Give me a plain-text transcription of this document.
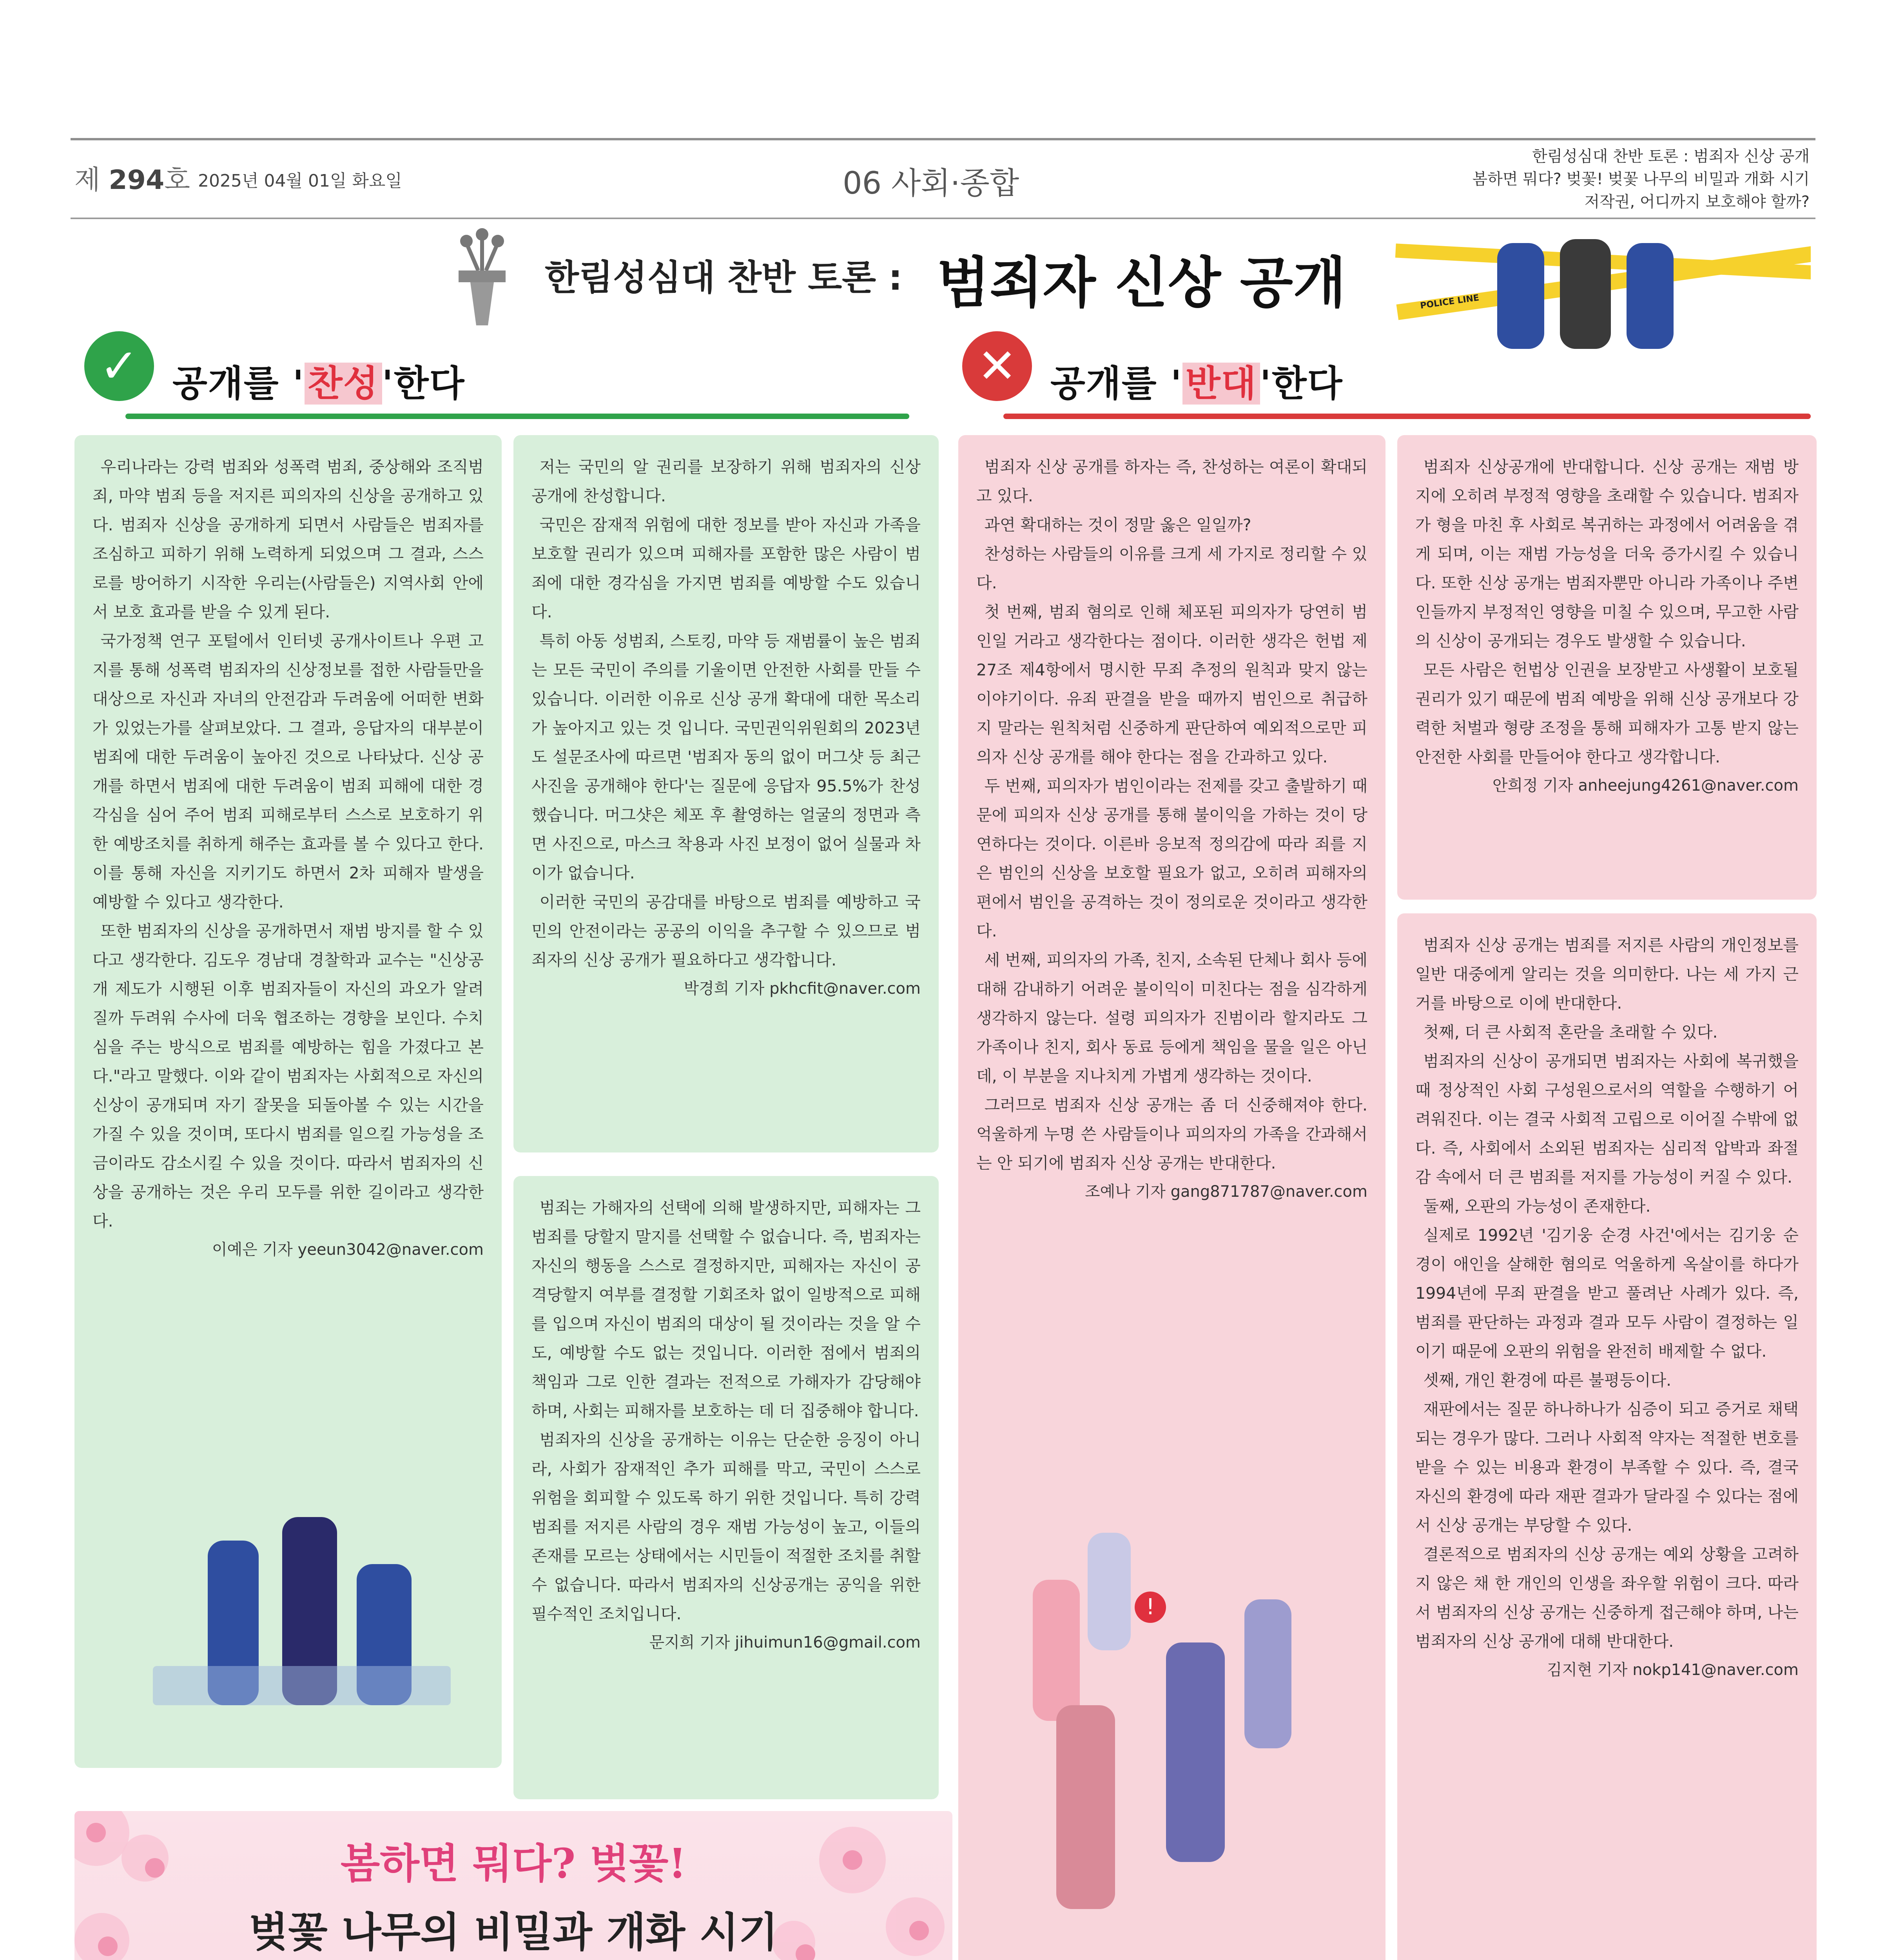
제 294호 2025년 04월 01일 화요일	06 사회·종합
한림성심대 찬반 토론 : 범죄자 신상 공개
봄하면 뭐다? 벚꽃! 벚꽃 나무의 비밀과 개화 시기
저작권, 어디까지 보호해야 할까?
한림성심대 찬반 토론 : 범죄자 신상 공개	POLICE LINE
✓ 공개를 '찬성'한다	✕ 공개를 '반대'한다

우리나라는 강력 범죄와 성폭력 범죄, 중상해와 조직범죄, 마약 범죄 등을 저지른 피의자의 신상을 공개하고 있다. 범죄자 신상을 공개하게 되면서 사람들은 범죄자를 조심하고 피하기 위해 노력하게 되었으며 그 결과, 스스로를 방어하기 시작한 우리는(사람들은) 지역사회 안에서 보호 효과를 받을 수 있게 된다.

국가정책 연구 포털에서 인터넷 공개사이트나 우편 고지를 통해 성폭력 범죄자의 신상정보를 접한 사람들만을 대상으로 자신과 자녀의 안전감과 두려움에 어떠한 변화가 있었는가를 살펴보았다. 그 결과, 응답자의 대부분이 범죄에 대한 두려움이 높아진 것으로 나타났다. 신상 공개를 하면서 범죄에 대한 두려움이 범죄 피해에 대한 경각심을 심어 주어 범죄 피해로부터 스스로 보호하기 위한 예방조치를 취하게 해주는 효과를 볼 수 있다고 한다. 이를 통해 자신을 지키기도 하면서 2차 피해자 발생을 예방할 수 있다고 생각한다.

또한 범죄자의 신상을 공개하면서 재범 방지를 할 수 있다고 생각한다. 김도우 경남대 경찰학과 교수는 "신상공개 제도가 시행된 이후 범죄자들이 자신의 과오가 알려질까 두려워 수사에 더욱 협조하는 경향을 보인다. 수치심을 주는 방식으로 범죄를 예방하는 힘을 가졌다고 본다."라고 말했다. 이와 같이 범죄자는 사회적으로 자신의 신상이 공개되며 자기 잘못을 되돌아볼 수 있는 시간을 가질 수 있을 것이며, 또다시 범죄를 일으킬 가능성을 조금이라도 감소시킬 수 있을 것이다. 따라서 범죄자의 신상을 공개하는 것은 우리 모두를 위한 길이라고 생각한다.

이예은 기자 yeeun3042@naver.com

저는 국민의 알 권리를 보장하기 위해 범죄자의 신상 공개에 찬성합니다.

국민은 잠재적 위험에 대한 정보를 받아 자신과 가족을 보호할 권리가 있으며 피해자를 포함한 많은 사람이 범죄에 대한 경각심을 가지면 범죄를 예방할 수도 있습니다.

특히 아동 성범죄, 스토킹, 마약 등 재범률이 높은 범죄는 모든 국민이 주의를 기울이면 안전한 사회를 만들 수 있습니다. 이러한 이유로 신상 공개 확대에 대한 목소리가 높아지고 있는 것 입니다. 국민권익위원회의 2023년도 설문조사에 따르면 '범죄자 동의 없이 머그샷 등 최근 사진을 공개해야 한다'는 질문에 응답자 95.5%가 찬성했습니다. 머그샷은 체포 후 촬영하는 얼굴의 정면과 측면 사진으로, 마스크 착용과 사진 보정이 없어 실물과 차이가 없습니다.

이러한 국민의 공감대를 바탕으로 범죄를 예방하고 국민의 안전이라는 공공의 이익을 추구할 수 있으므로 범죄자의 신상 공개가 필요하다고 생각합니다.

박경희 기자 pkhcfit@naver.com

범죄는 가해자의 선택에 의해 발생하지만, 피해자는 그 범죄를 당할지 말지를 선택할 수 없습니다. 즉, 범죄자는 자신의 행동을 스스로 결정하지만, 피해자는 자신이 공격당할지 여부를 결정할 기회조차 없이 일방적으로 피해를 입으며 자신이 범죄의 대상이 될 것이라는 것을 알 수도, 예방할 수도 없는 것입니다. 이러한 점에서 범죄의 책임과 그로 인한 결과는 전적으로 가해자가 감당해야 하며, 사회는 피해자를 보호하는 데 더 집중해야 합니다.

범죄자의 신상을 공개하는 이유는 단순한 응징이 아니라, 사회가 잠재적인 추가 피해를 막고, 국민이 스스로 위험을 회피할 수 있도록 하기 위한 것입니다. 특히 강력범죄를 저지른 사람의 경우 재범 가능성이 높고, 이들의 존재를 모르는 상태에서는 시민들이 적절한 조치를 취할 수 없습니다. 따라서 범죄자의 신상공개는 공익을 위한 필수적인 조치입니다.

문지희 기자 jihuimun16@gmail.com

범죄자 신상 공개를 하자는 즉, 찬성하는 여론이 확대되고 있다.

과연 확대하는 것이 정말 옳은 일일까?

찬성하는 사람들의 이유를 크게 세 가지로 정리할 수 있다.

첫 번째, 범죄 혐의로 인해 체포된 피의자가 당연히 범인일 거라고 생각한다는 점이다. 이러한 생각은 헌법 제27조 제4항에서 명시한 무죄 추정의 원칙과 맞지 않는 이야기이다. 유죄 판결을 받을 때까지 범인으로 취급하지 말라는 원칙처럼 신중하게 판단하여 예외적으로만 피의자 신상 공개를 해야 한다는 점을 간과하고 있다.

두 번째, 피의자가 범인이라는 전제를 갖고 출발하기 때문에 피의자 신상 공개를 통해 불이익을 가하는 것이 당연하다는 것이다. 이른바 응보적 정의감에 따라 죄를 지은 범인의 신상을 보호할 필요가 없고, 오히려 피해자의 편에서 범인을 공격하는 것이 정의로운 것이라고 생각한다.

세 번째, 피의자의 가족, 친지, 소속된 단체나 회사 등에 대해 감내하기 어려운 불이익이 미친다는 점을 심각하게 생각하지 않는다. 설령 피의자가 진범이라 할지라도 그 가족이나 친지, 회사 동료 등에게 책임을 물을 일은 아닌데, 이 부분을 지나치게 가볍게 생각하는 것이다.

그러므로 범죄자 신상 공개는 좀 더 신중해져야 한다. 억울하게 누명 쓴 사람들이나 피의자의 가족을 간과해서는 안 되기에 범죄자 신상 공개는 반대한다.

조예나 기자 gang871787@naver.com
!

범죄자 신상공개에 반대합니다. 신상 공개는 재범 방지에 오히려 부정적 영향을 초래할 수 있습니다. 범죄자가 형을 마친 후 사회로 복귀하는 과정에서 어려움을 겪게 되며, 이는 재범 가능성을 더욱 증가시킬 수 있습니다. 또한 신상 공개는 범죄자뿐만 아니라 가족이나 주변인들까지 부정적인 영향을 미칠 수 있으며, 무고한 사람의 신상이 공개되는 경우도 발생할 수 있습니다.

모든 사람은 헌법상 인권을 보장받고 사생활이 보호될 권리가 있기 때문에 범죄 예방을 위해 신상 공개보다 강력한 처벌과 형량 조정을 통해 피해자가 고통 받지 않는 안전한 사회를 만들어야 한다고 생각합니다.

안희정 기자 anheejung4261@naver.com

범죄자 신상 공개는 범죄를 저지른 사람의 개인정보를 일반 대중에게 알리는 것을 의미한다. 나는 세 가지 근거를 바탕으로 이에 반대한다.

첫째, 더 큰 사회적 혼란을 초래할 수 있다.

범죄자의 신상이 공개되면 범죄자는 사회에 복귀했을 때 정상적인 사회 구성원으로서의 역할을 수행하기 어려워진다. 이는 결국 사회적 고립으로 이어질 수밖에 없다. 즉, 사회에서 소외된 범죄자는 심리적 압박과 좌절감 속에서 더 큰 범죄를 저지를 가능성이 커질 수 있다.

둘째, 오판의 가능성이 존재한다.

실제로 1992년 '김기웅 순경 사건'에서는 김기웅 순경이 애인을 살해한 혐의로 억울하게 옥살이를 하다가 1994년에 무죄 판결을 받고 풀려난 사례가 있다. 즉, 범죄를 판단하는 과정과 결과 모두 사람이 결정하는 일이기 때문에 오판의 위험을 완전히 배제할 수 없다.

셋째, 개인 환경에 따른 불평등이다.

재판에서는 질문 하나하나가 심증이 되고 증거로 채택되는 경우가 많다. 그러나 사회적 약자는 적절한 변호를 받을 수 있는 비용과 환경이 부족할 수 있다. 즉, 결국 자신의 환경에 따라 재판 결과가 달라질 수 있다는 점에서 신상 공개는 부당할 수 있다.

결론적으로 범죄자의 신상 공개는 예외 상황을 고려하지 않은 채 한 개인의 인생을 좌우할 위험이 크다. 따라서 범죄자의 신상 공개는 신중하게 접근해야 하며, 나는 범죄자의 신상 공개에 대해 반대한다.

김지현 기자 nokp141@naver.com
봄하면 뭐다? 벚꽃!
벚꽃 나무의 비밀과 개화 시기
